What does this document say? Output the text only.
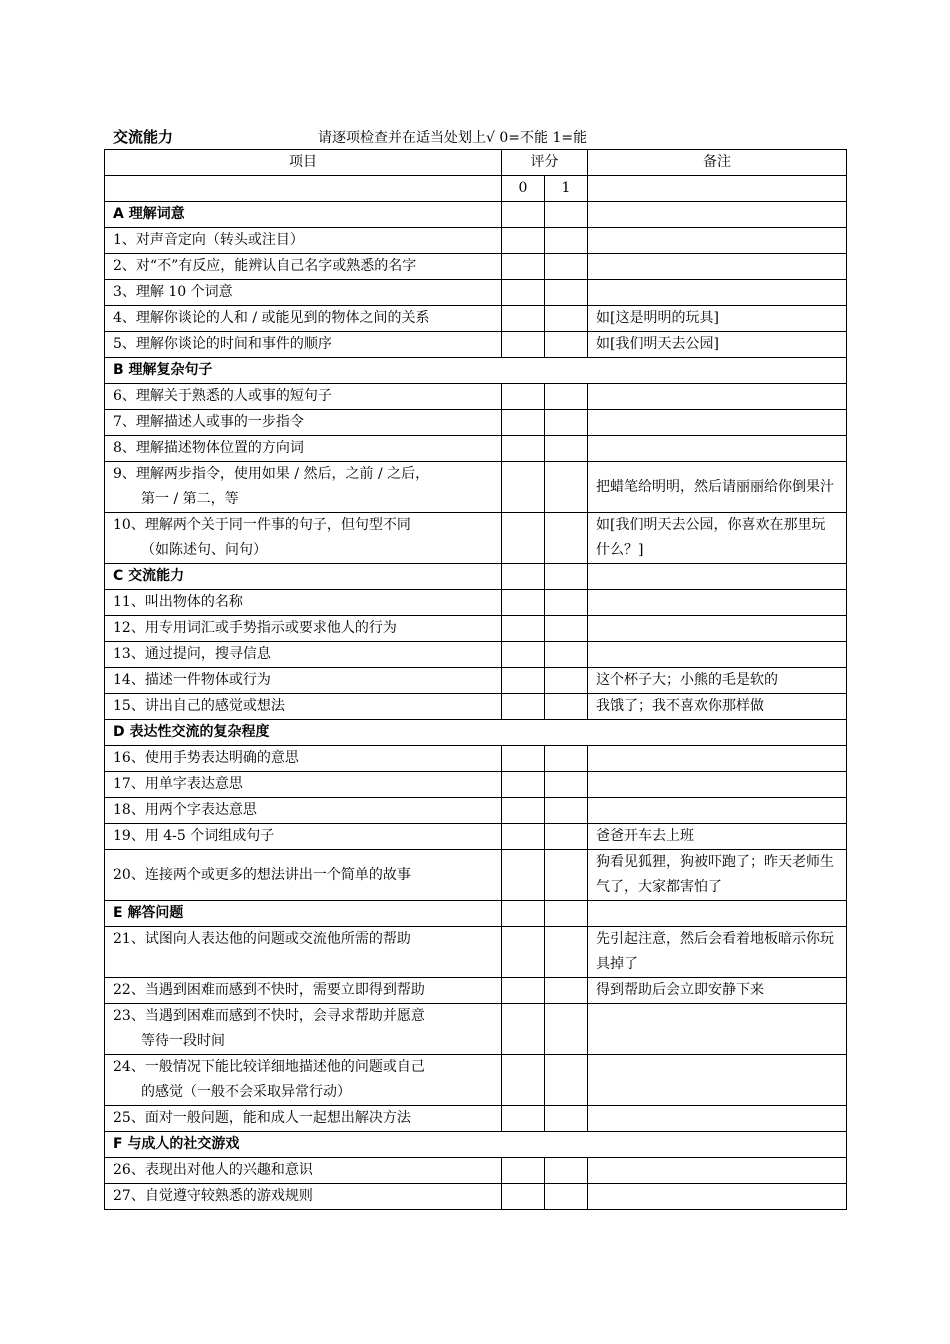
交流能力	请逐项检查并在适当处划上√ 0=不能 1=能
项目	评分		备注
	0	1	
A 理解词意			

1、对声音定向（转头或注目）			

2、对“不”有反应，能辨认自己名字或熟悉的名字			

3、理解 10 个词意			

4、理解你谈论的人和 / 或能见到的物体之间的关系			如[这是明明的玩具]

5、理解你谈论的时间和事件的顺序			如[我们明天去公园]
B 理解复杂句子			

6、理解关于熟悉的人或事的短句子			

7、理解描述人或事的一步指令			

8、理解描述物体位置的方向词			

9、理解两步指令，使用如果 / 然后，之前 / 之后，
第一 / 第二，等			把蜡笔给明明，然后请丽丽给你倒果汁

10、理解两个关于同一件事的句子，但句型不同
（如陈述句、问句）			如[我们明天去公园，你喜欢在那里玩什么？]
C 交流能力			

11、叫出物体的名称			

12、用专用词汇或手势指示或要求他人的行为			

13、通过提问，搜寻信息			

14、描述一件物体或行为			这个杯子大；小熊的毛是软的

15、讲出自己的感觉或想法			我饿了；我不喜欢你那样做
D 表达性交流的复杂程度			

16、使用手势表达明确的意思			

17、用单字表达意思			

18、用两个字表达意思			

19、用 4-5 个词组成句子			爸爸开车去上班

20、连接两个或更多的想法讲出一个简单的故事			狗看见狐狸，狗被吓跑了；昨天老师生气了，大家都害怕了
E 解答问题			

21、试图向人表达他的问题或交流他所需的帮助			先引起注意，然后会看着地板暗示你玩具掉了

22、当遇到困难而感到不快时，需要立即得到帮助			得到帮助后会立即安静下来

23、当遇到困难而感到不快时，会寻求帮助并愿意
等待一段时间			

24、一般情况下能比较详细地描述他的问题或自己
的感觉（一般不会采取异常行动）			

25、面对一般问题，能和成人一起想出解决方法			

F 与成人的社交游戏			

26、表现出对他人的兴趣和意识			

27、自觉遵守较熟悉的游戏规则			
